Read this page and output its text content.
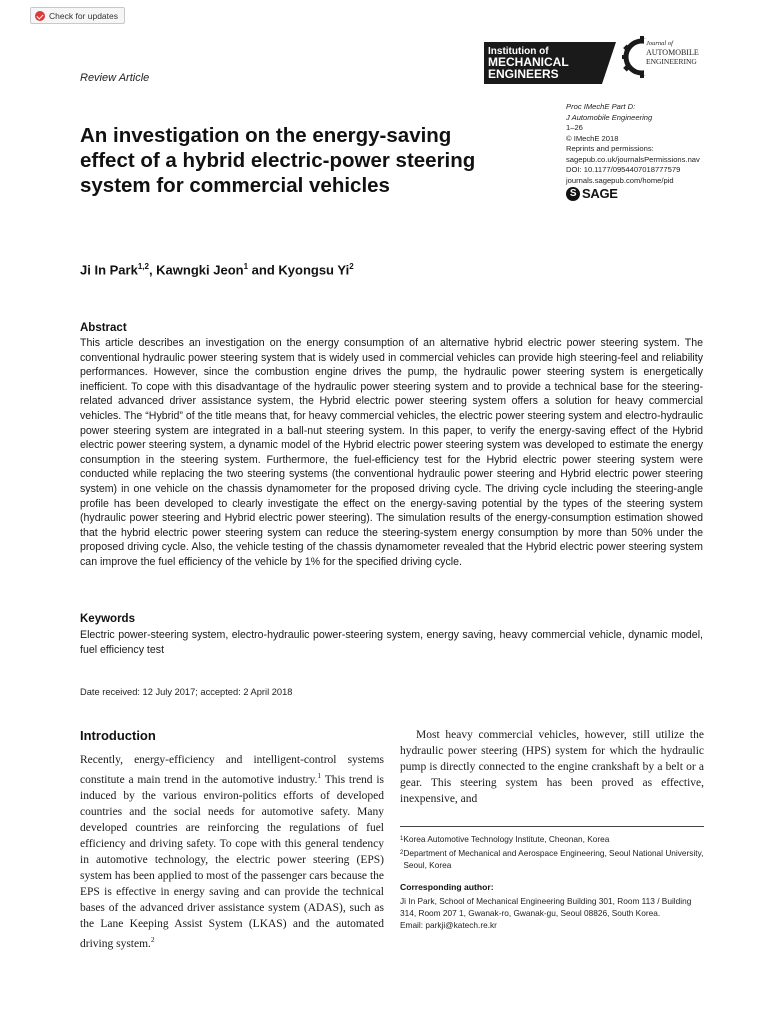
Check for updates
Review Article
Institution of
MECHANICAL
ENGINEERS
Journal of
AUTOMOBILE
ENGINEERING
Proc IMechE Part D:
J Automobile Engineering
1–26
© IMechE 2018
Reprints and permissions:
sagepub.co.uk/journalsPermissions.nav
DOI: 10.1177/0954407018777579
journals.sagepub.com/home/pid
S SAGE
An investigation on the energy-saving effect of a hybrid electric-power steering system for commercial vehicles
Ji In Park$^{1,2}$, Kawngki Jeon$^1$ and Kyongsu Yi$^2$
Abstract

This article describes an investigation on the energy consumption of an alternative hybrid electric power steering system. The conventional hydraulic power steering system that is widely used in commercial vehicles can provide high steering-feel and reliability performances. However, since the combustion engine drives the pump, the hydraulic power steering system is energetically inefficient. To cope with this disadvantage of the hydraulic power steering system and to provide a technical base for the steering-related advanced driver assistance system, the Hybrid electric power steering system offers a solution for heavy commercial vehicles. The “Hybrid” of the title means that, for heavy commercial vehicles, the electric power steering system and electro-hydraulic power steering system are integrated in a ball-nut steering system. In this paper, to verify the energy-saving effect of the Hybrid electric power steering system, a dynamic model of the Hybrid electric power steering system was developed to estimate the energy consumption in the steering system. Furthermore, the fuel-efficiency test for the Hybrid electric power steering system were conducted while replacing the two steering systems (the conventional hydraulic power steering and Hybrid electric power steering system) in one vehicle on the chassis dynamometer for the proposed driving cycle. The driving cycle including the steering-angle profile has been developed to clearly investigate the effect on the energy-saving potential by the types of the steering system (hydraulic power steering and Hybrid electric power steering). The simulation results of the energy-consumption estimation showed that the hybrid electric power steering system can reduce the steering-system energy consumption by more than 50% under the proposed driving cycle. Also, the vehicle testing of the chassis dynamometer revealed that the Hybrid electric power steering system can improve the fuel efficiency of the vehicle by 1% for the specified driving cycle.

Keywords

Electric power-steering system, electro-hydraulic power-steering system, energy saving, heavy commercial vehicle, dynamic model, fuel efficiency test

Date received: 12 July 2017; accepted: 2 April 2018
Introduction

Recently, energy-efficiency and intelligent-control systems constitute a main trend in the automotive industry.$^1$ This trend is induced by the various environ-politics efforts of developed countries and the social needs for automotive safety. Many developed countries are reinforcing the regulations of fuel efficiency and driving safety. To cope with this general tendency in automotive technology, the electric power steering (EPS) system has been applied to most of the passenger cars because the EPS is effective in energy saving and can provide the technical bases of the advanced driver assistance system (ADAS), such as the Lane Keeping Assist System (LKAS) and the automated driving system.$^2$

Most heavy commercial vehicles, however, still utilize the hydraulic power steering (HPS) system for which the hydraulic pump is directly connected to the engine crankshaft by a belt or a gear. This steering system has been proved as effective, inexpensive, and

$^1$ Korea Automotive Technology Institute, Cheonan, Korea
$^2$ Department of Mechanical and Aerospace Engineering, Seoul National University, Seoul, Korea
Corresponding author:
Ji In Park, School of Mechanical Engineering Building 301, Room 113 / Building 314, Room 207 1, Gwanak-ro, Gwanak-gu, Seoul 08826, South Korea.
Email: parkji@katech.re.kr
